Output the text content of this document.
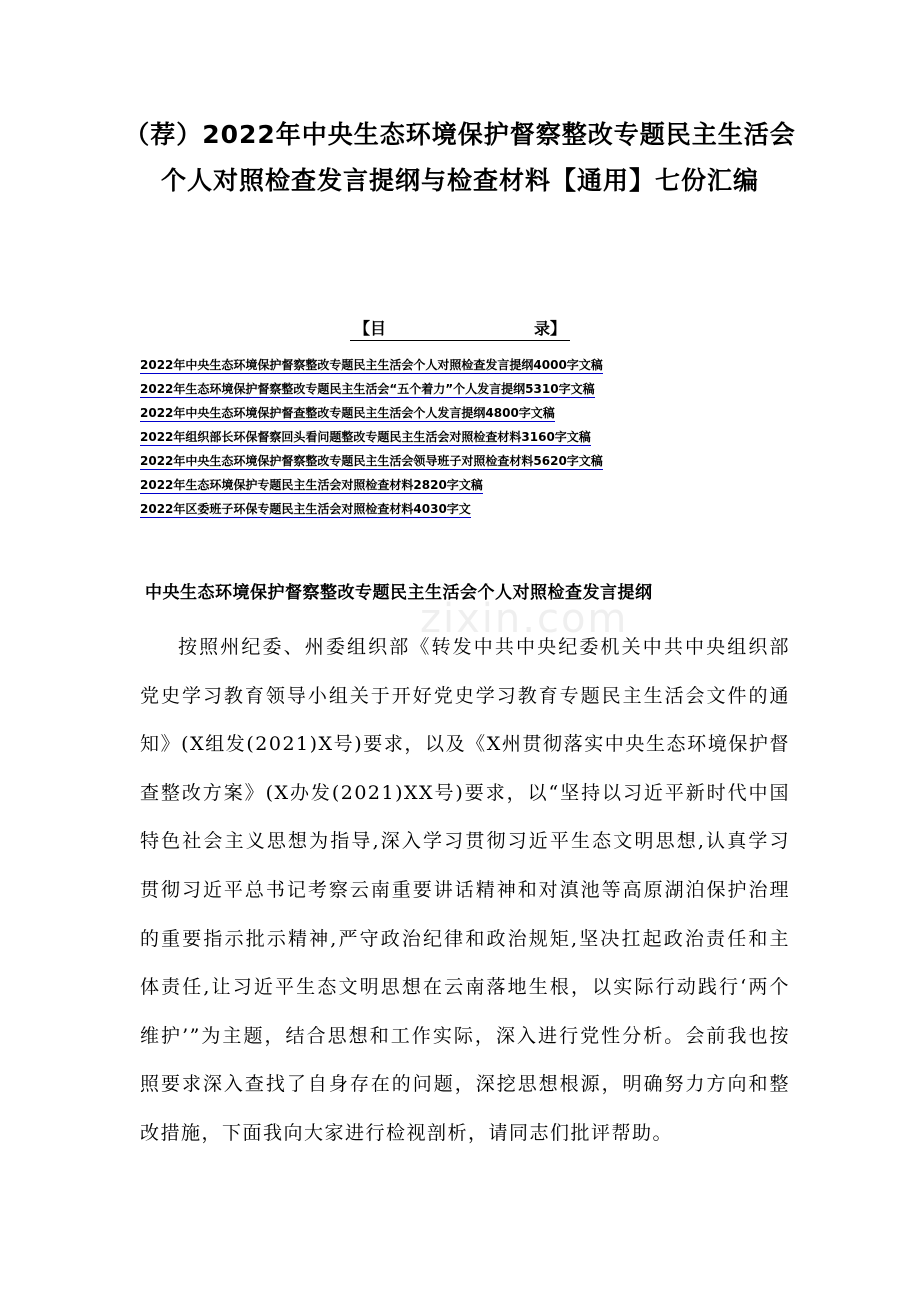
（荐）2022年中央生态环境保护督察整改专题民主生活会个人对照检查发言提纲与检查材料【通用】七份汇编
【目	录】
2022年中央生态环境保护督察整改专题民主生活会个人对照检查发言提纲4000字文稿
2022年生态环境保护督察整改专题民主生活会“五个着力”个人发言提纲5310字文稿
2022年中央生态环境保护督查整改专题民主生活会个人发言提纲4800字文稿
2022年组织部长环保督察回头看问题整改专题民主生活会对照检查材料3160字文稿
2022年中央生态环境保护督察整改专题民主生活会领导班子对照检查材料5620字文稿
2022年生态环境保护专题民主生活会对照检查材料2820字文稿
2022年区委班子环保专题民主生活会对照检查材料4030字文
zixin.com
中央生态环境保护督察整改专题民主生活会个人对照检查发言提纲

按照州纪委、州委组织部《转发中共中央纪委机关中共中央组织部党史学习教育领导小组关于开好党史学习教育专题民主生活会文件的通知》(X组发(2021)X号)要求，以及《X州贯彻落实中央生态环境保护督查整改方案》(X办发(2021)XX号)要求，以“坚持以习近平新时代中国特色社会主义思想为指导,深入学习贯彻习近平生态文明思想,认真学习贯彻习近平总书记考察云南重要讲话精神和对滇池等高原湖泊保护治理的重要指示批示精神,严守政治纪律和政治规矩,坚决扛起政治责任和主体责任,让习近平生态文明思想在云南落地生根，以实际行动践行‘两个维护’”为主题，结合思想和工作实际，深入进行党性分析。会前我也按照要求深入查找了自身存在的问题，深挖思想根源，明确努力方向和整改措施，下面我向大家进行检视剖析，请同志们批评帮助。
